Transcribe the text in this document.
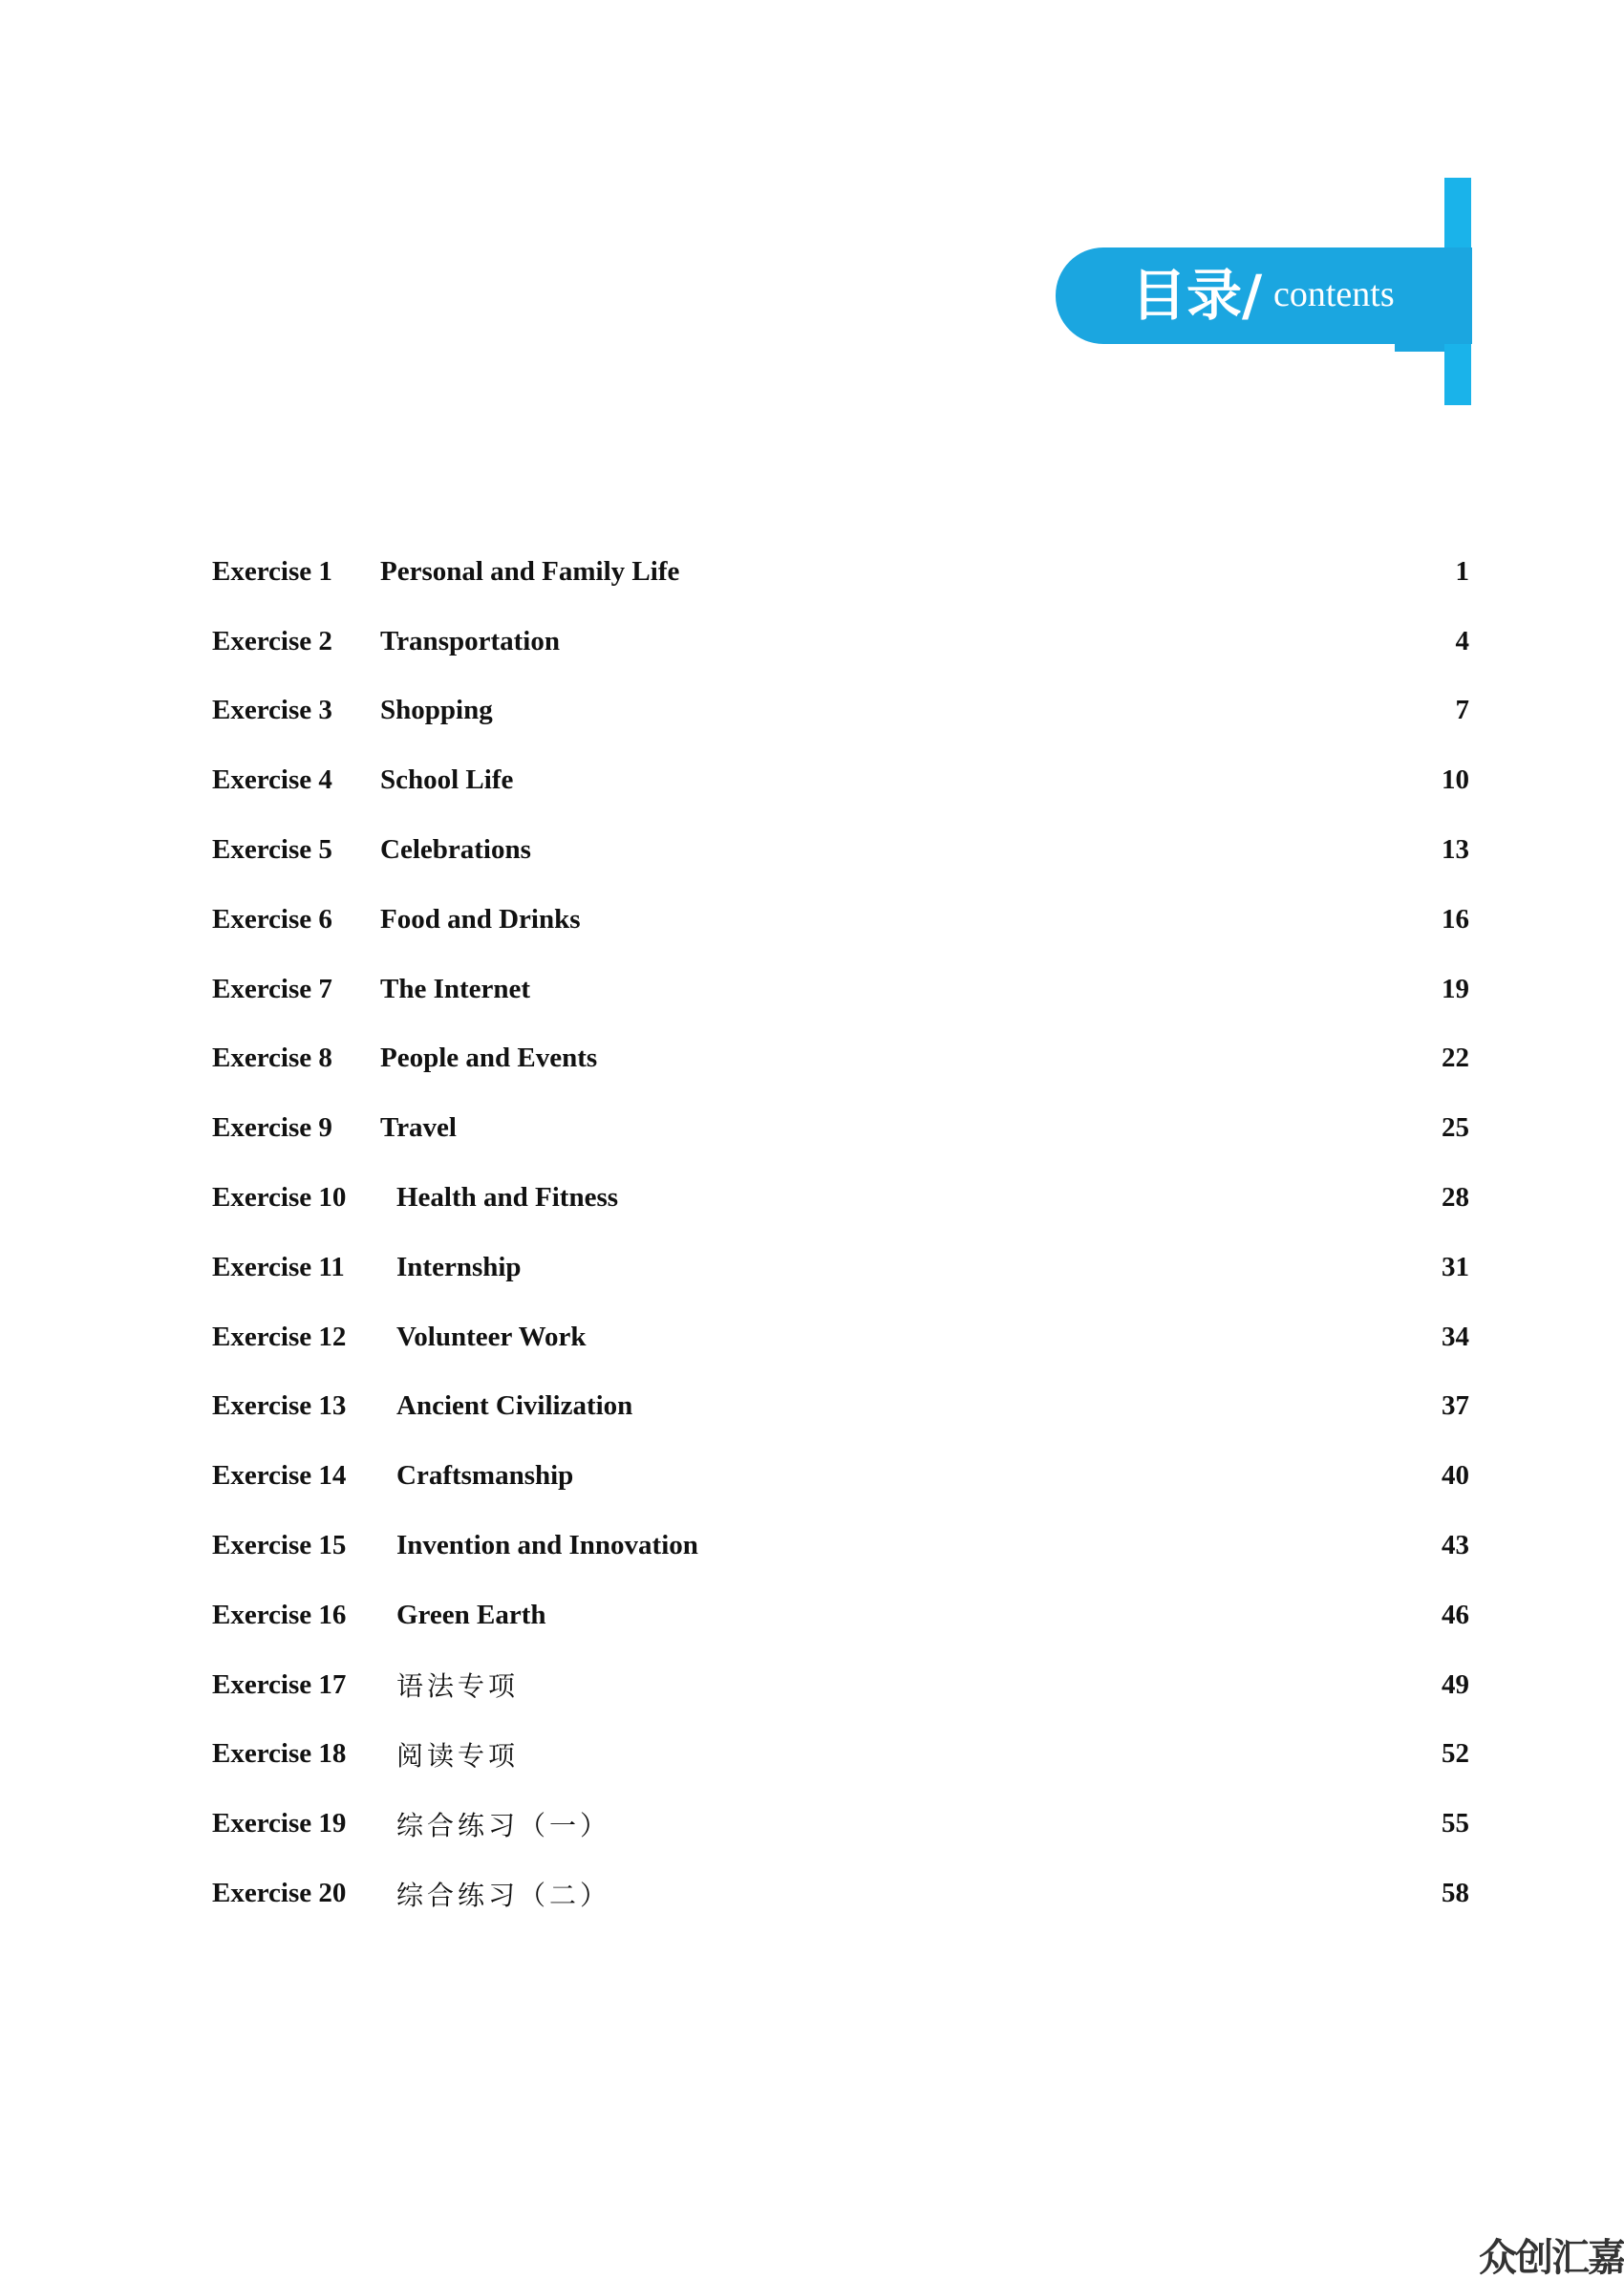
目录/ contents
Exercise 1	Personal and Family Life	1
Exercise 2	Transportation	4
Exercise 3	Shopping	7
Exercise 4	School Life	10
Exercise 5	Celebrations	13
Exercise 6	Food and Drinks	16
Exercise 7	The Internet	19
Exercise 8	People and Events	22
Exercise 9	Travel	25
Exercise 10	Health and Fitness	28
Exercise 11	Internship	31
Exercise 12	Volunteer Work	34
Exercise 13	Ancient Civilization	37
Exercise 14	Craftsmanship	40
Exercise 15	Invention and Innovation	43
Exercise 16	Green Earth	46
Exercise 17	语法专项	49
Exercise 18	阅读专项	52
Exercise 19	综合练习（一）	55
Exercise 20	综合练习（二）	58
众创汇嘉
